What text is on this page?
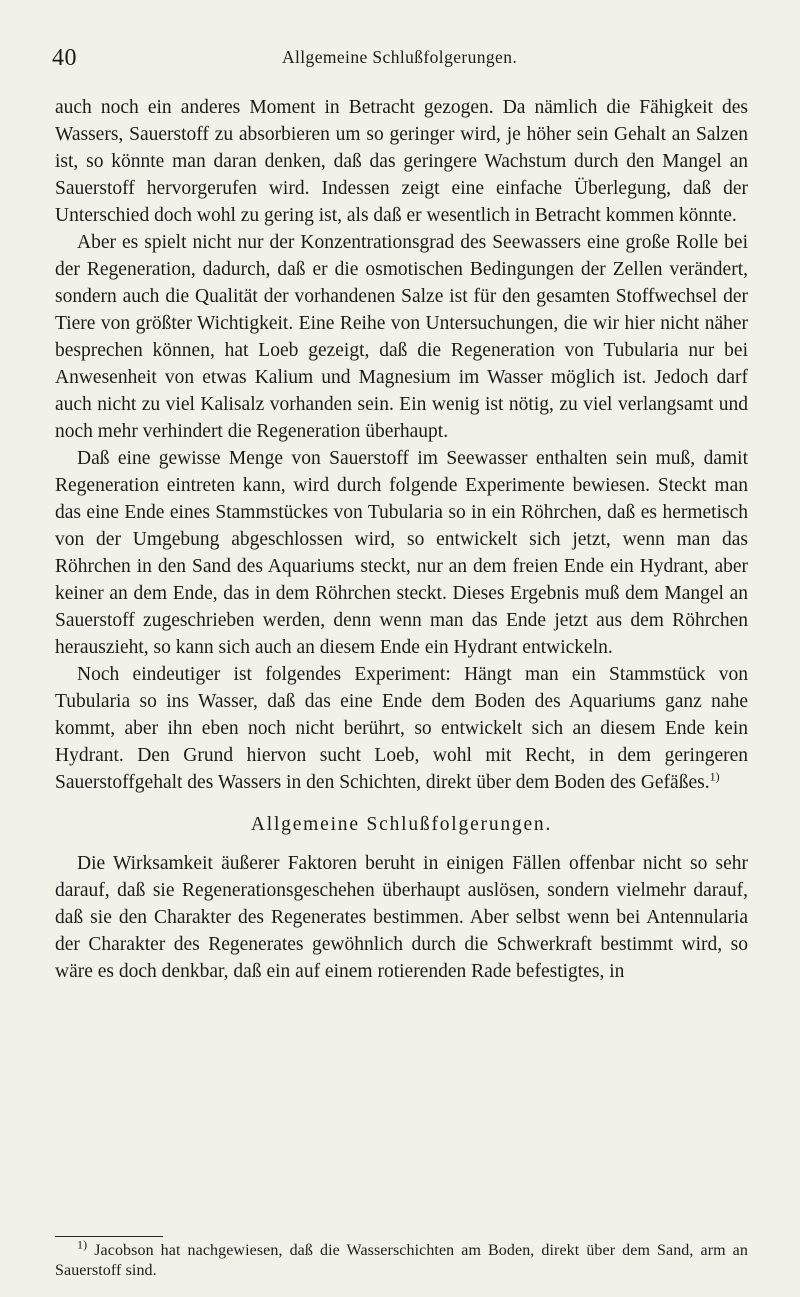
40	Allgemeine Schlußfolgerungen.

auch noch ein anderes Moment in Betracht gezogen. Da nämlich die Fähigkeit des Wassers, Sauerstoff zu absorbieren um so geringer wird, je höher sein Gehalt an Salzen ist, so könnte man daran denken, daß das geringere Wachstum durch den Mangel an Sauerstoff hervorgerufen wird. Indessen zeigt eine einfache Überlegung, daß der Unterschied doch wohl zu gering ist, als daß er wesentlich in Betracht kommen könnte.

Aber es spielt nicht nur der Konzentrationsgrad des Seewassers eine große Rolle bei der Regeneration, dadurch, daß er die osmotischen Bedingungen der Zellen verändert, sondern auch die Qualität der vorhandenen Salze ist für den gesamten Stoffwechsel der Tiere von größter Wichtigkeit. Eine Reihe von Untersuchungen, die wir hier nicht näher besprechen können, hat Loeb gezeigt, daß die Regeneration von Tubularia nur bei Anwesenheit von etwas Kalium und Magnesium im Wasser möglich ist. Jedoch darf auch nicht zu viel Kalisalz vorhanden sein. Ein wenig ist nötig, zu viel verlangsamt und noch mehr verhindert die Regeneration überhaupt.

Daß eine gewisse Menge von Sauerstoff im Seewasser enthalten sein muß, damit Regeneration eintreten kann, wird durch folgende Experimente bewiesen. Steckt man das eine Ende eines Stammstückes von Tubularia so in ein Röhrchen, daß es hermetisch von der Umgebung abgeschlossen wird, so entwickelt sich jetzt, wenn man das Röhrchen in den Sand des Aquariums steckt, nur an dem freien Ende ein Hydrant, aber keiner an dem Ende, das in dem Röhrchen steckt. Dieses Ergebnis muß dem Mangel an Sauerstoff zugeschrieben werden, denn wenn man das Ende jetzt aus dem Röhrchen herauszieht, so kann sich auch an diesem Ende ein Hydrant entwickeln.

Noch eindeutiger ist folgendes Experiment: Hängt man ein Stammstück von Tubularia so ins Wasser, daß das eine Ende dem Boden des Aquariums ganz nahe kommt, aber ihn eben noch nicht berührt, so entwickelt sich an diesem Ende kein Hydrant. Den Grund hiervon sucht Loeb, wohl mit Recht, in dem geringeren Sauerstoffgehalt des Wassers in den Schichten, direkt über dem Boden des Gefäßes.$^{1)}$

Allgemeine Schlußfolgerungen.

Die Wirksamkeit äußerer Faktoren beruht in einigen Fällen offenbar nicht so sehr darauf, daß sie Regenerationsgeschehen überhaupt auslösen, sondern vielmehr darauf, daß sie den Charakter des Regenerates bestimmen. Aber selbst wenn bei Antennularia der Charakter des Regenerates gewöhnlich durch die Schwerkraft bestimmt wird, so wäre es doch denkbar, daß ein auf einem rotierenden Rade befestigtes, in

$^{1)}$ Jacobson hat nachgewiesen, daß die Wasserschichten am Boden, direkt über dem Sand, arm an Sauerstoff sind.
